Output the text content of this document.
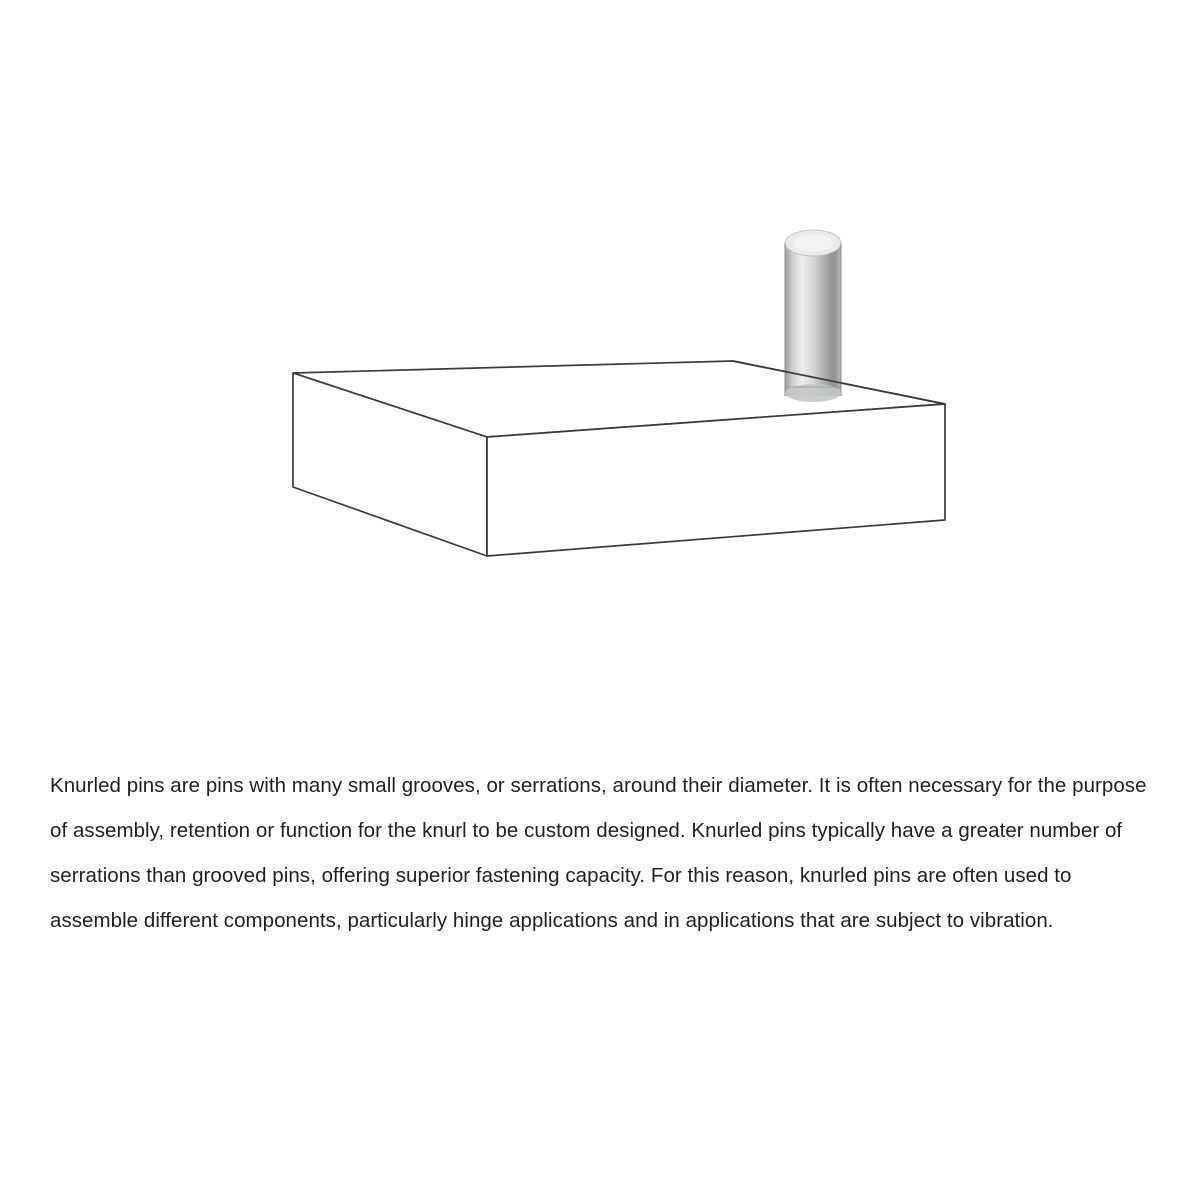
Knurled pins are pins with many small grooves, or serrations, around their diameter. It is often necessary for the purpose of assembly, retention or function for the knurl to be custom designed. Knurled pins typically have a greater number of serrations than grooved pins, offering superior fastening capacity. For this reason, knurled pins are often used to assemble different components, particularly hinge applications and in applications that are subject to vibration.
